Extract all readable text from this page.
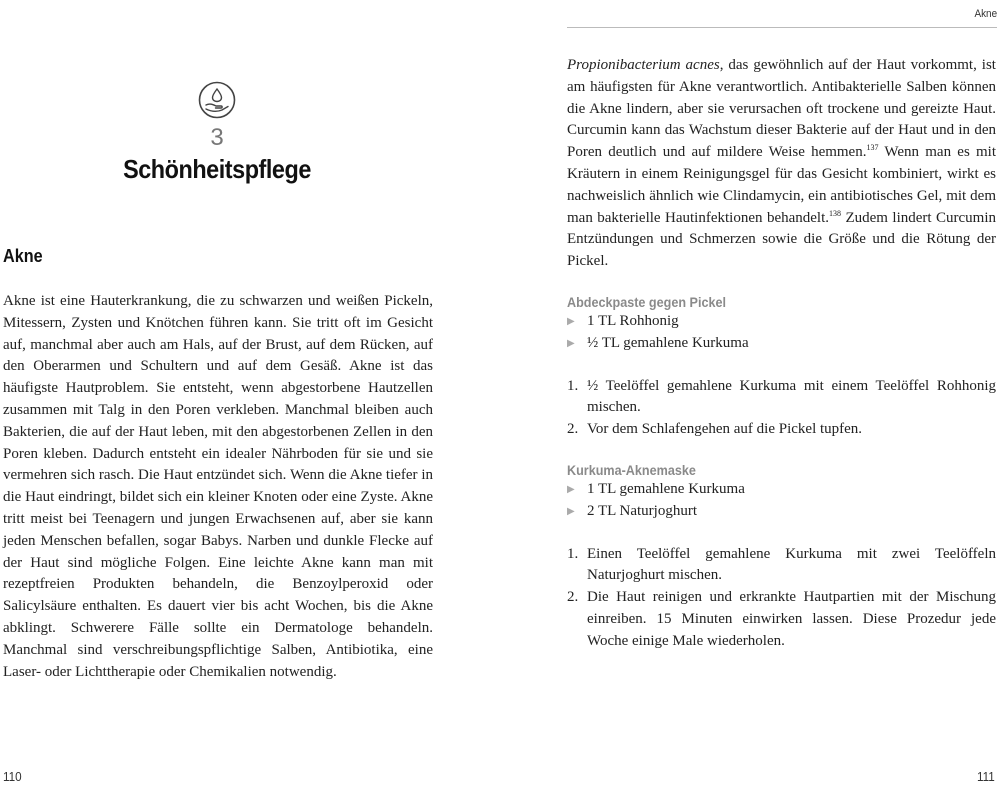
3
Schönheitspflege
Akne

Akne ist eine Hauterkrankung, die zu schwarzen und weißen Pickeln, Mitessern, Zysten und Knötchen führen kann. Sie tritt oft im Gesicht auf, manchmal aber auch am Hals, auf der Brust, auf dem Rücken, auf den Oberarmen und Schultern und auf dem Gesäß. Akne ist das häufigste Hautproblem. Sie entsteht, wenn abgestorbene Hautzellen zusammen mit Talg in den Poren verkleben. Manchmal bleiben auch Bakterien, die auf der Haut leben, mit den abgestorbenen Zellen in den Poren kleben. Dadurch entsteht ein idealer Nährboden für sie und sie vermehren sich rasch. Die Haut entzündet sich. Wenn die Akne tiefer in die Haut eindringt, bildet sich ein kleiner Knoten oder eine Zyste. Akne tritt meist bei Teenagern und jungen Erwachsenen auf, aber sie kann jeden Menschen befallen, sogar Babys. Narben und dunkle Flecke auf der Haut sind mögliche Folgen. Eine leichte Akne kann man mit rezeptfreien Produkten behandeln, die Benzoylperoxid oder Salicylsäure enthalten. Es dauert vier bis acht Wochen, bis die Akne abklingt. Schwerere Fälle sollte ein Dermatologe behandeln. Manchmal sind verschreibungspflichtige Salben, Antibiotika, eine Laser- oder Lichttherapie oder Chemikalien notwendig.

110
Akne

Propionibacterium acnes, das gewöhnlich auf der Haut vorkommt, ist am häufigsten für Akne verantwortlich. Antibakterielle Salben können die Akne lindern, aber sie verursachen oft trockene und gereizte Haut. Curcumin kann das Wachstum dieser Bakterie auf der Haut und in den Poren deutlich und auf mildere Weise hemmen.$^{137}$ Wenn man es mit Kräutern in einem Reinigungsgel für das Gesicht kombiniert, wirkt es nachweislich ähnlich wie Clindamycin, ein antibiotisches Gel, mit dem man bakterielle Hautinfektionen behandelt.$^{138}$ Zudem lindert Curcumin Entzündungen und Schmerzen sowie die Größe und die Rötung der Pickel.

Abdeckpaste gegen Pickel
▶ 1 TL Rohhonig
▶ ½ TL gemahlene Kurkuma
1. ½ Teelöffel gemahlene Kurkuma mit einem Teelöffel Rohhonig mischen.
2. Vor dem Schlafengehen auf die Pickel tupfen.
Kurkuma-Aknemaske
▶ 1 TL gemahlene Kurkuma
▶ 2 TL Naturjoghurt
1. Einen Teelöffel gemahlene Kurkuma mit zwei Teelöffeln Naturjoghurt mischen.
2. Die Haut reinigen und erkrankte Hautpartien mit der Mischung einreiben. 15 Minuten einwirken lassen. Diese Prozedur jede Woche einige Male wiederholen.
111
